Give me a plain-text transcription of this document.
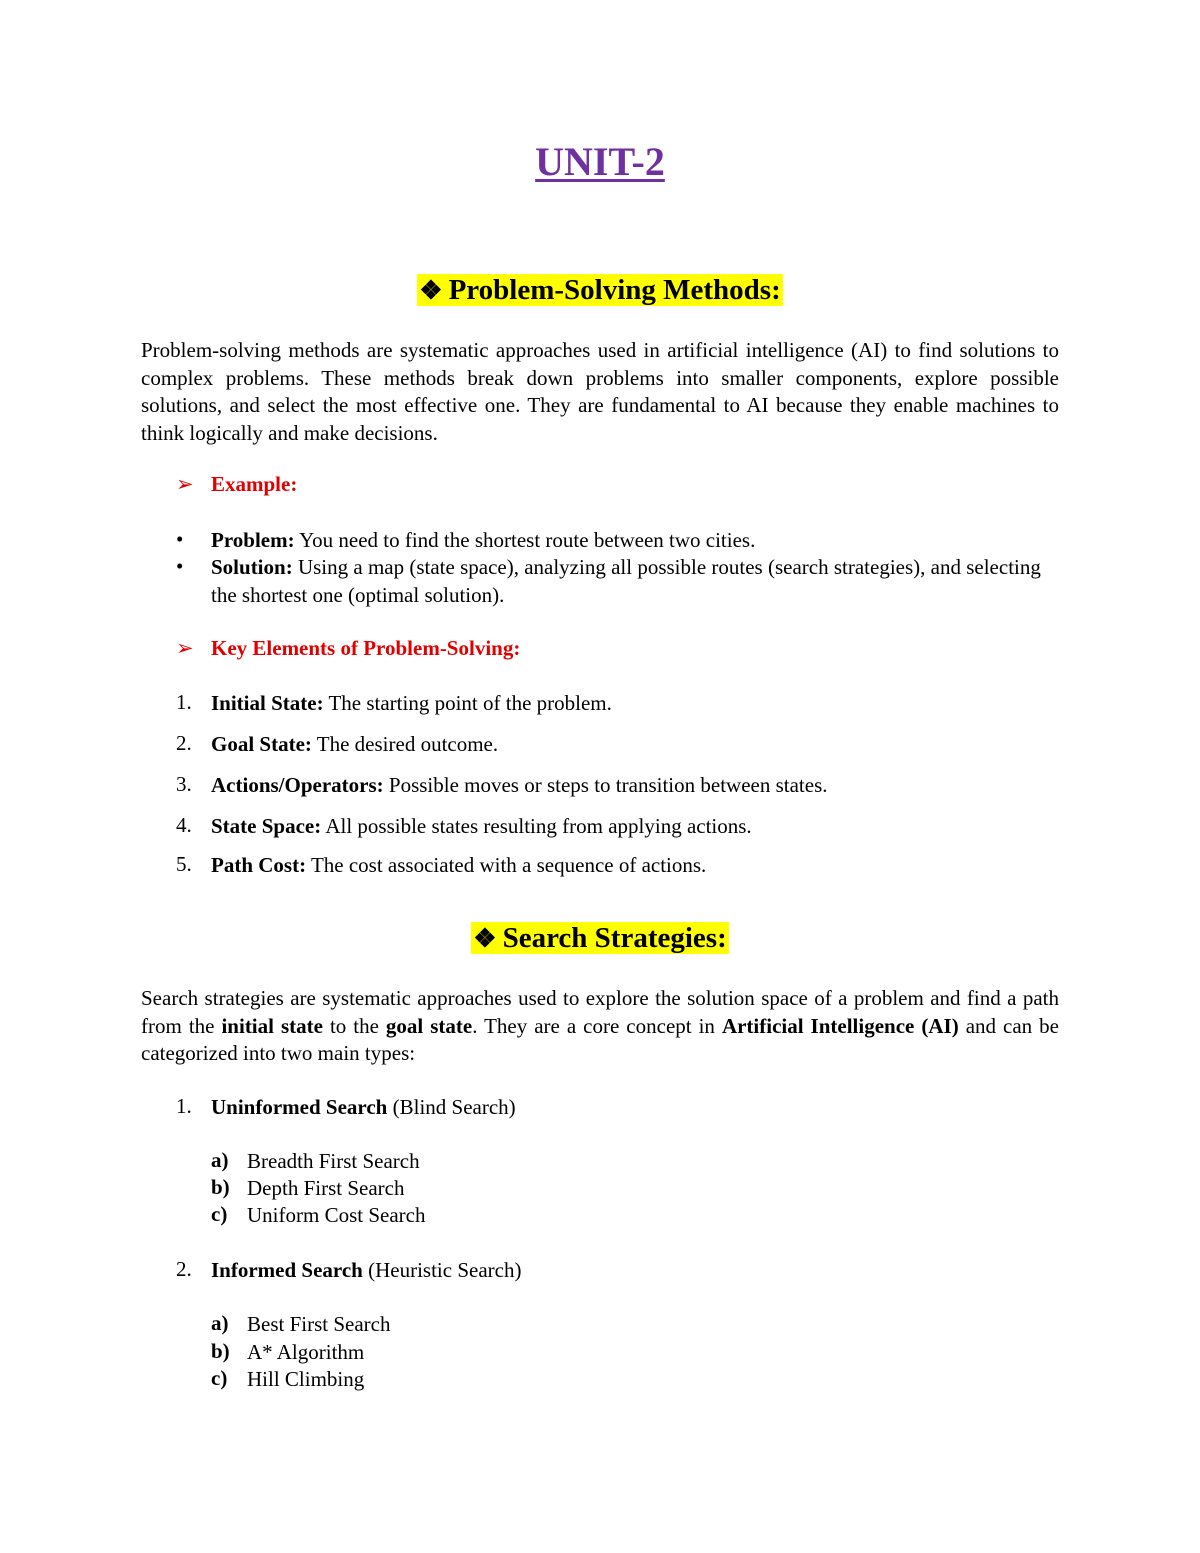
UNIT-2
❖ Problem-Solving Methods:
Problem-solving methods are systematic approaches used in artificial intelligence (AI) to find solutions to complex problems. These methods break down problems into smaller components, explore possible solutions, and select the most effective one. They are fundamental to AI because they enable machines to think logically and make decisions.
➢ Example:
• Problem: You need to find the shortest route between two cities.
• Solution: Using a map (state space), analyzing all possible routes (search strategies), and selecting the shortest one (optimal solution).
➢ Key Elements of Problem-Solving:
1. Initial State: The starting point of the problem.
2. Goal State: The desired outcome.
3. Actions/Operators: Possible moves or steps to transition between states.
4. State Space: All possible states resulting from applying actions.
5. Path Cost: The cost associated with a sequence of actions.
❖ Search Strategies:
Search strategies are systematic approaches used to explore the solution space of a problem and find a path from the initial state to the goal state. They are a core concept in Artificial Intelligence (AI) and can be categorized into two main types:
1. Uninformed Search (Blind Search)
a) Breadth First Search
b) Depth First Search
c) Uniform Cost Search
2. Informed Search (Heuristic Search)
a) Best First Search
b) A* Algorithm
c) Hill Climbing
